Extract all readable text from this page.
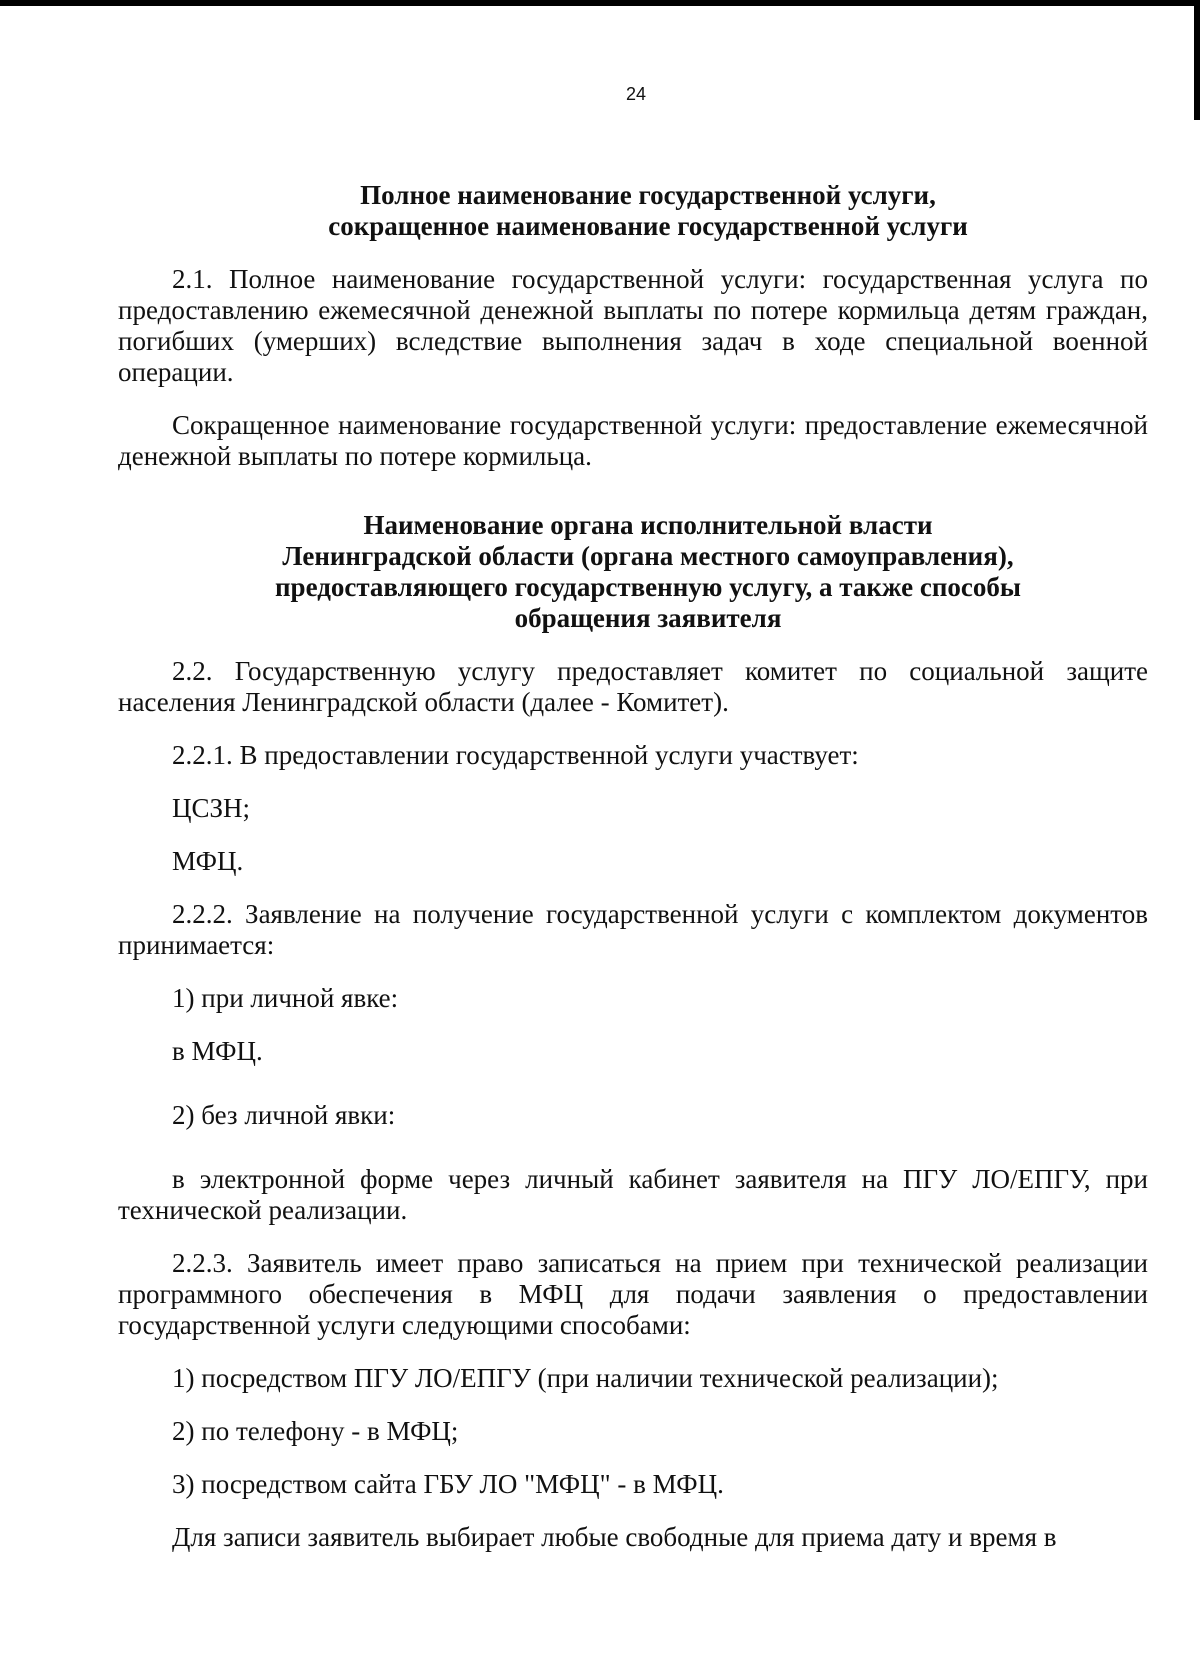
24

Полное наименование государственной услуги,

сокращенное наименование государственной услуги

2.1. Полное наименование государственной услуги: государственная услуга по предоставлению ежемесячной денежной выплаты по потере кормильца детям граждан, погибших (умерших) вследствие выполнения задач в ходе специальной военной операции.

Сокращенное наименование государственной услуги: предоставление ежемесячной денежной выплаты по потере кормильца.

Наименование органа исполнительной власти

Ленинградской области (органа местного самоуправления),

предоставляющего государственную услугу, а также способы

обращения заявителя

2.2. Государственную услугу предоставляет комитет по социальной защите населения Ленинградской области (далее - Комитет).

2.2.1. В предоставлении государственной услуги участвует:

ЦСЗН;

МФЦ.

2.2.2. Заявление на получение государственной услуги с комплектом документов принимается:

1) при личной явке:

в МФЦ.

2) без личной явки:

в электронной форме через личный кабинет заявителя на ПГУ ЛО/ЕПГУ, при технической реализации.

2.2.3. Заявитель имеет право записаться на прием при технической реализации программного обеспечения в МФЦ для подачи заявления о предоставлении государственной услуги следующими способами:

1) посредством ПГУ ЛО/ЕПГУ (при наличии технической реализации);

2) по телефону - в МФЦ;

3) посредством сайта ГБУ ЛО "МФЦ" - в МФЦ.

Для записи заявитель выбирает любые свободные для приема дату и время в
